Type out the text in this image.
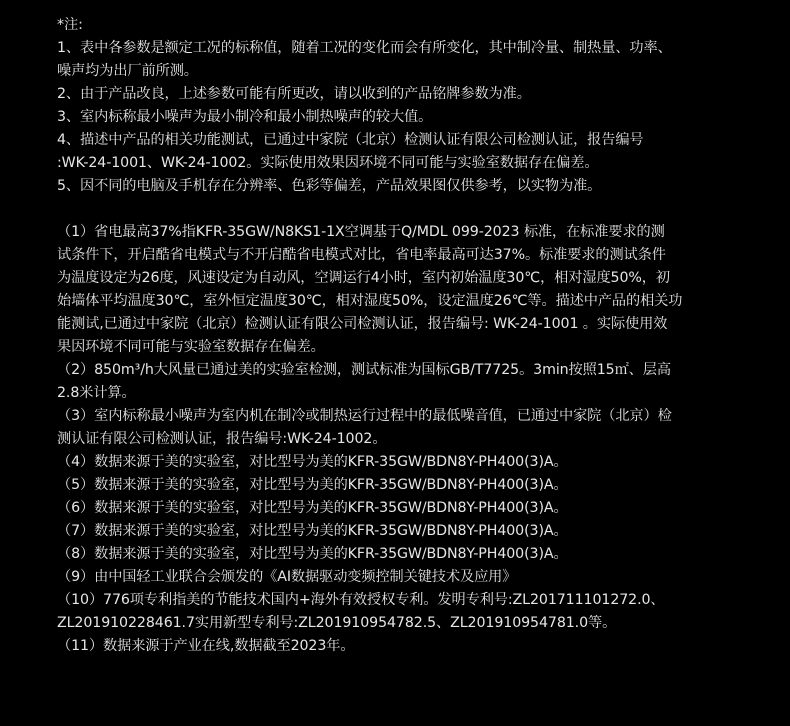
*注:
1、表中各参数是额定工况的标称值，随着工况的变化而会有所变化，其中制冷量、制热量、功率、
噪声均为出厂前所测。
2、由于产品改良，上述参数可能有所更改，请以收到的产品铭牌参数为准。
3、室内标称最小噪声为最小制冷和最小制热噪声的较大值。
4、描述中产品的相关功能测试，已通过中家院（北京）检测认证有限公司检测认证，报告编号
:WK-24-1001、WK-24-1002。实际使用效果因环境不同可能与实验室数据存在偏差。
5、因不同的电脑及手机存在分辨率、色彩等偏差，产品效果图仅供参考，以实物为准。
（1）省电最高37%指KFR-35GW/N8KS1-1X空调基于Q/MDL 099-2023 标准，在标准要求的测
试条件下，开启酷省电模式与不开启酷省电模式对比，省电率最高可达37%。标准要求的测试条件
为温度设定为26度，风速设定为自动风，空调运行4小时，室内初始温度30℃，相对湿度50%，初
始墙体平均温度30℃，室外恒定温度30℃，相对湿度50%，设定温度26℃等。描述中产品的相关功
能测试,已通过中家院（北京）检测认证有限公司检测认证，报告编号: WK-24-1001 。实际使用效
果因环境不同可能与实验室数据存在偏差。
（2）850m³/h大风量已通过美的实验室检测，测试标准为国标GB/T7725。3min按照15㎡、层高
2.8米计算。
（3）室内标称最小噪声为室内机在制冷或制热运行过程中的最低噪音值，已通过中家院（北京）检
测认证有限公司检测认证，报告编号:WK-24-1002。
（4）数据来源于美的实验室，对比型号为美的KFR-35GW/BDN8Y-PH400(3)A。
（5）数据来源于美的实验室，对比型号为美的KFR-35GW/BDN8Y-PH400(3)A。
（6）数据来源于美的实验室，对比型号为美的KFR-35GW/BDN8Y-PH400(3)A。
（7）数据来源于美的实验室，对比型号为美的KFR-35GW/BDN8Y-PH400(3)A。
（8）数据来源于美的实验室，对比型号为美的KFR-35GW/BDN8Y-PH400(3)A。
（9）由中国轻工业联合会颁发的《AI数据驱动变频控制关键技术及应用》
（10）776项专利指美的节能技术国内+海外有效授权专利。发明专利号:ZL201711101272.0、
ZL201910228461.7实用新型专利号:ZL201910954782.5、ZL201910954781.0等。
（11）数据来源于产业在线,数据截至2023年。
